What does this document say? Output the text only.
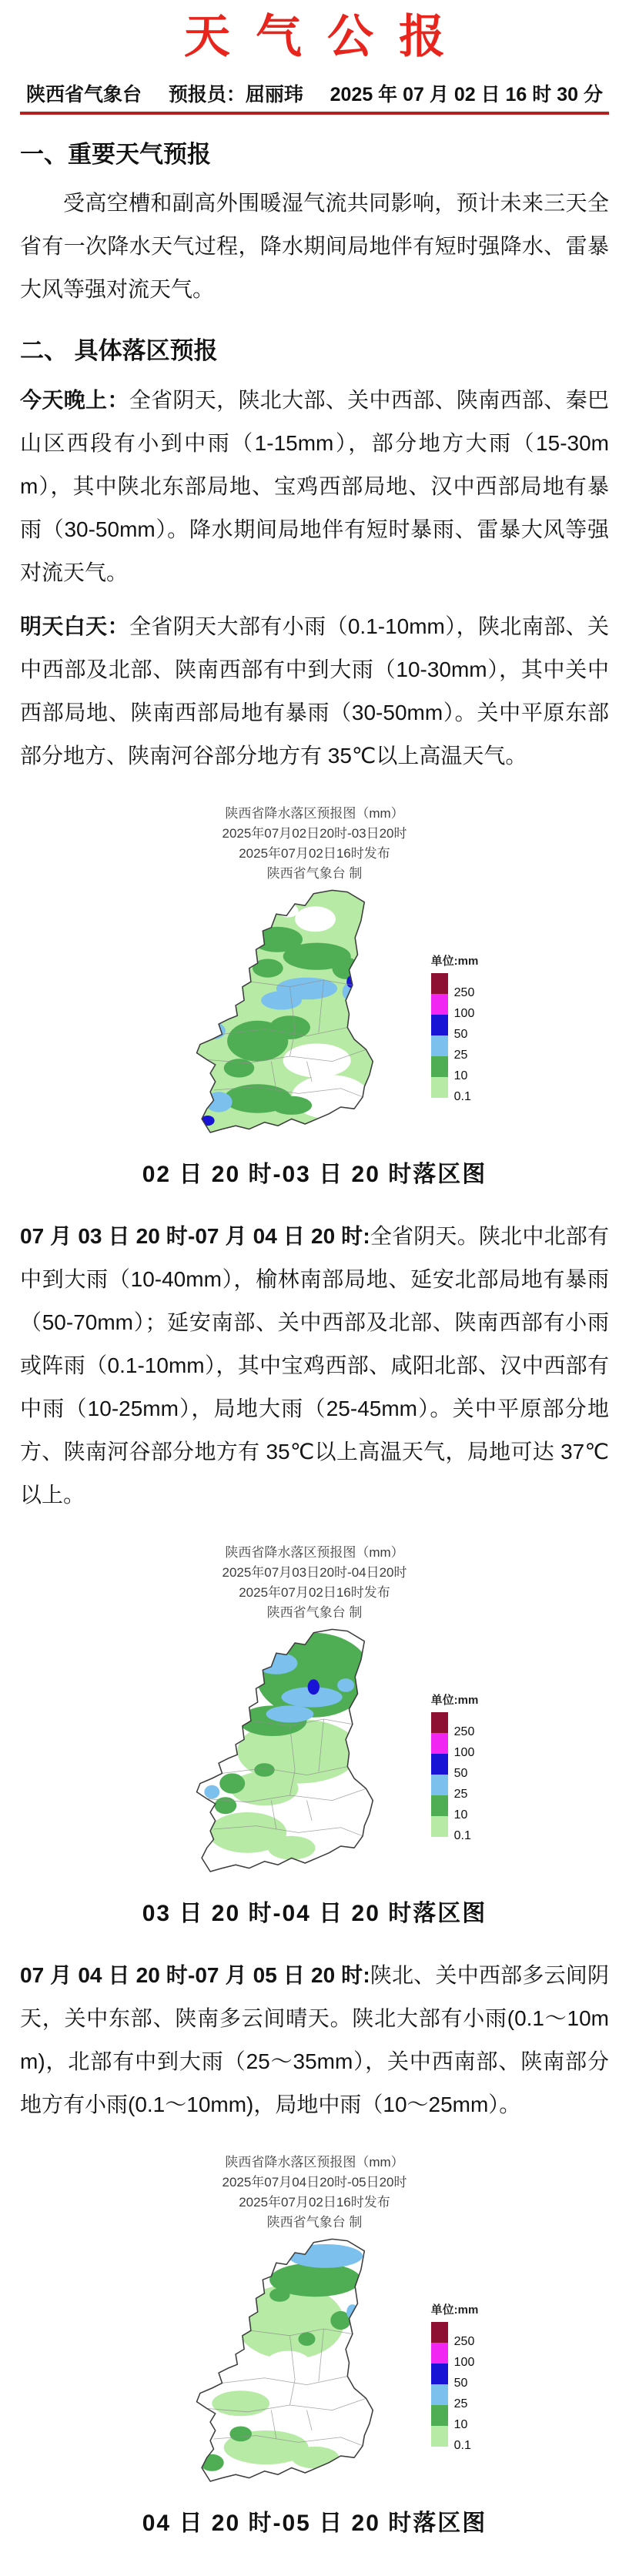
天气公报
陕西省气象台 预报员：屈丽玮 2025 年 07 月 02 日 16 时 30 分
一、重要天气预报

受高空槽和副高外围暖湿气流共同影响，预计未来三天全省有一次降水天气过程，降水期间局地伴有短时强降水、雷暴大风等强对流天气。

二、 具体落区预报

今天晚上：全省阴天，陕北大部、关中西部、陕南西部、秦巴山区西段有小到中雨（1-15mm），部分地方大雨（15-30mm），其中陕北东部局地、宝鸡西部局地、汉中西部局地有暴雨（30-50mm）。降水期间局地伴有短时暴雨、雷暴大风等强对流天气。

明天白天：全省阴天大部有小雨（0.1-10mm），陕北南部、关中西部及北部、陕南西部有中到大雨（10-30mm），其中关中西部局地、陕南西部局地有暴雨（30-50mm）。关中平原东部部分地方、陕南河谷部分地方有 35℃以上高温天气。

陕西省降水落区预报图（mm）
2025年07月02日20时-03日20时
2025年07月02日16时发布
陕西省气象台 制
单位:mm
250
100
50
25
10
0.1
02 日 20 时-03 日 20 时落区图

07 月 03 日 20 时-07 月 04 日 20 时:全省阴天。陕北中北部有中到大雨（10-40mm），榆林南部局地、延安北部局地有暴雨（50-70mm）；延安南部、关中西部及北部、陕南西部有小雨或阵雨（0.1-10mm），其中宝鸡西部、咸阳北部、汉中西部有中雨（10-25mm），局地大雨（25-45mm）。关中平原部分地方、陕南河谷部分地方有 35℃以上高温天气，局地可达 37℃以上。

陕西省降水落区预报图（mm）
2025年07月03日20时-04日20时
2025年07月02日16时发布
陕西省气象台 制
单位:mm
250
100
50
25
10
0.1
03 日 20 时-04 日 20 时落区图

07 月 04 日 20 时-07 月 05 日 20 时:陕北、关中西部多云间阴天，关中东部、陕南多云间晴天。陕北大部有小雨(0.1～10mm)，北部有中到大雨（25～35mm），关中西南部、陕南部分地方有小雨(0.1～10mm)，局地中雨（10～25mm）。

陕西省降水落区预报图（mm）
2025年07月04日20时-05日20时
2025年07月02日16时发布
陕西省气象台 制
单位:mm
250
100
50
25
10
0.1
04 日 20 时-05 日 20 时落区图
